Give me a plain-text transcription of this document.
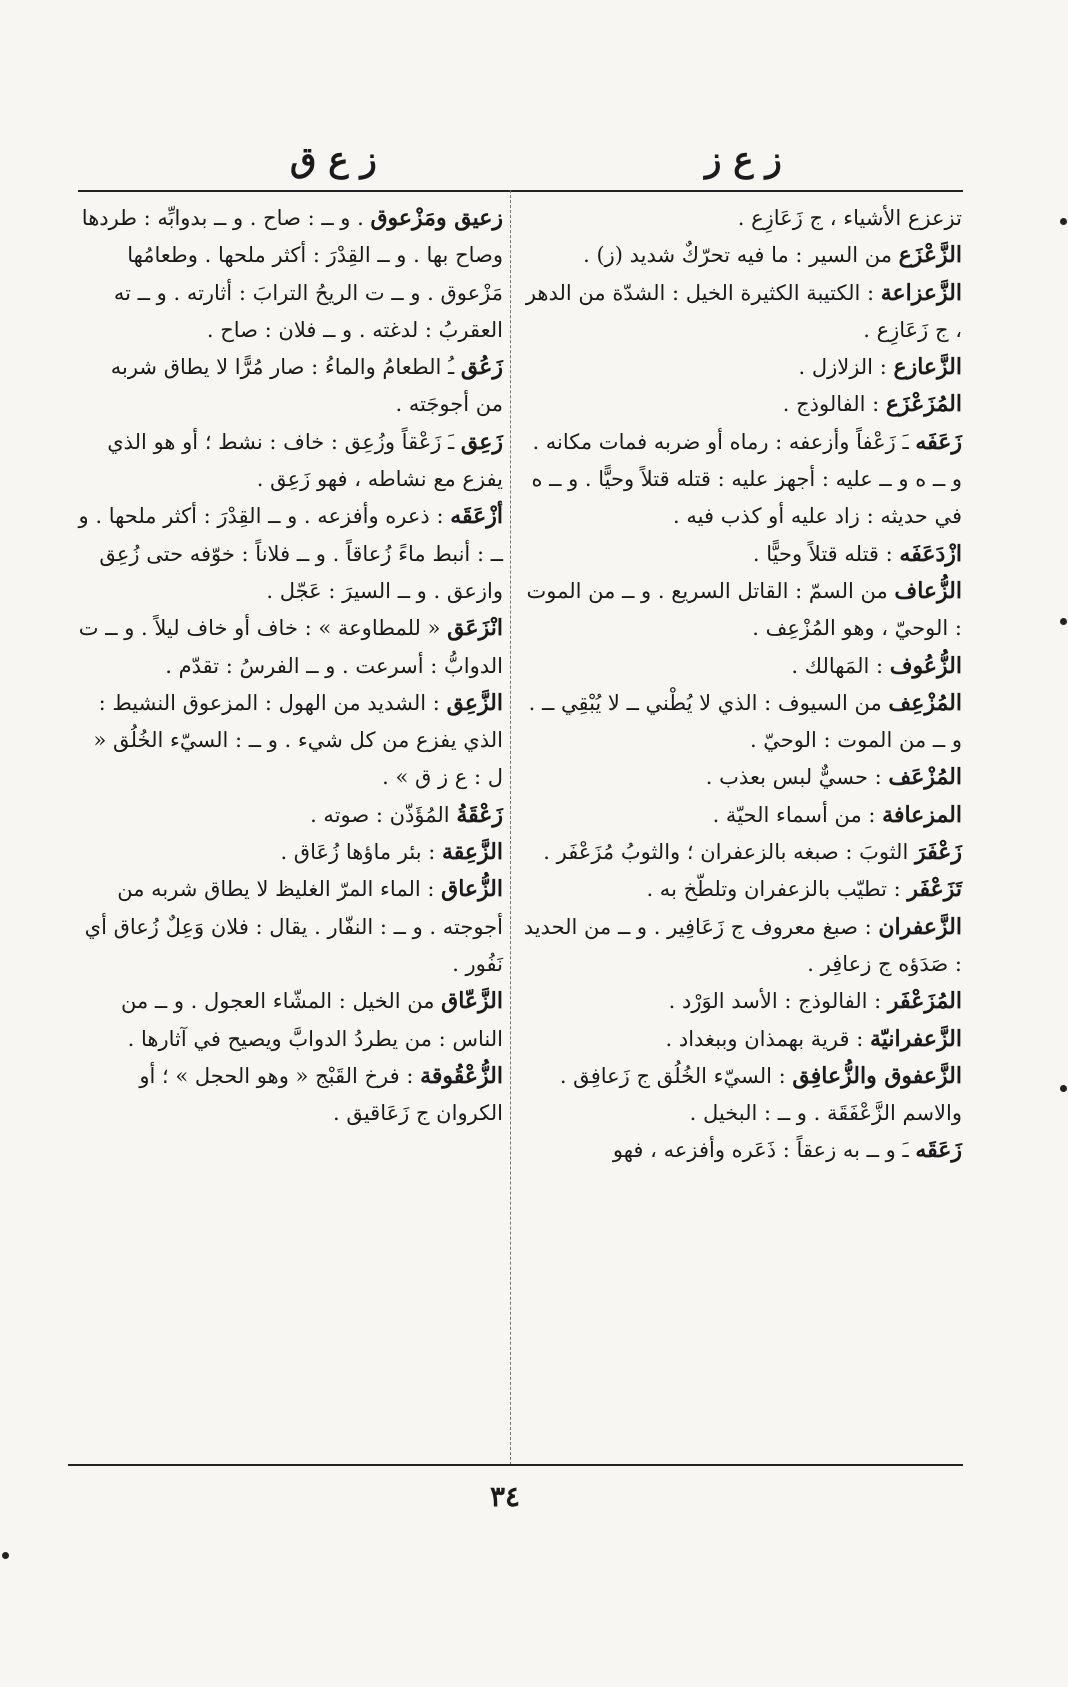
ز ع ز
ز ع ق

تزعزع الأشياء ، ج زَعَازِع .

الزَّعْزَع من السير : ما فيه تحرّكٌ شديد (ز) .

الزَّعزاعة : الكتيبة الكثيرة الخيل : الشدّة من الدهر ، ج زَعَازِع .

الزَّعازع : الزلازل .

المُزَعْزَع : الفالوذج .

زَعَفَه ـَ زَعْفاً وأزعفه : رماه أو ضربه فمات مكانه . و ــ ه و ــ عليه : أجهز عليه : قتله قتلاً وحيًّا . و ــ ه في حديثه : زاد عليه أو كذب فيه .

ازْدَعَفَه : قتله قتلاً وحيًّا .

الزُّعاف من السمّ : القاتل السريع . و ــ من الموت : الوحيّ ، وهو المُزْعِف .

الزُّعُوف : المَهالك .

المُزْعِف من السيوف : الذي لا يُطْني ــ لا يُبْقِي ــ . و ــ من الموت : الوحيّ .

المُزْعَف : حسيٌّ لبس بعذب .

المزعافة : من أسماء الحيّة .

زَعْفَرَ الثوبَ : صبغه بالزعفران ؛ والثوبُ مُزَعْفَر .

تَزَعْفَر : تطيّب بالزعفران وتلطّخ به .

الزَّعفران : صبغ معروف ج زَعَافِير . و ــ من الحديد : صَدَؤه ج زعافِر .

المُزَعْفَر : الفالوذج : الأسد الوَرْد .

الزَّعفرانيّة : قرية بهمذان وببغداد .

الزَّعفوق والزُّعافِق : السيّء الخُلُق ج زَعافِق . والاسم الزَّعْفَقَة . و ــ : البخيل .

زَعَقَه ـَ و ــ به زعقاً : ذَعَره وأفزعه ، فهو

زعيق ومَزْعوق . و ــ : صاح . و ــ بدوابِّه : طردها وصاح بها . و ــ القِدْرَ : أكثر ملحها . وطعامُها مَزْعوق . و ــ ت الريحُ الترابَ : أثارته . و ــ ته العقربُ : لدغته . و ــ فلان : صاح .

زَعُق ـُ الطعامُ والماءُ : صار مُرًّا لا يطاق شربه من أجوجَته .

زَعِق ـَ زَعْقاً وزُعِق : خاف : نشط ؛ أو هو الذي يفزع مع نشاطه ، فهو زَعِق .

أزْعَقَه : ذعره وأفزعه . و ــ القِدْرَ : أكثر ملحها . و ــ : أنبط ماءً زُعاقاً . و ــ فلاناً : خوّفه حتى زُعِق وازعق . و ــ السيرَ : عَجّل .

انْزَعَق « للمطاوعة » : خاف أو خاف ليلاً . و ــ ت الدوابُّ : أسرعت . و ــ الفرسُ : تقدّم .

الزَّعِق : الشديد من الهول : المزعوق النشيط : الذي يفزع من كل شيء . و ــ : السيّء الخُلُق « ل : ع ز ق » .

زَعْقَةُ المُؤَذّن : صوته .

الزَّعِقة : بئر ماؤها زُعَاق .

الزُّعاق : الماء المرّ الغليظ لا يطاق شربه من أجوجته . و ــ : النفّار . يقال : فلان وَعِلٌ زُعاق أي نَفُور .

الزَّعّاق من الخيل : المشّاء العجول . و ــ من الناس : من يطردُ الدوابَّ ويصيح في آثارها .

الزُّعْقُوقة : فرخ القَبْج « وهو الحجل » ؛ أو الكروان ج زَعَاقيق .

٣٤
